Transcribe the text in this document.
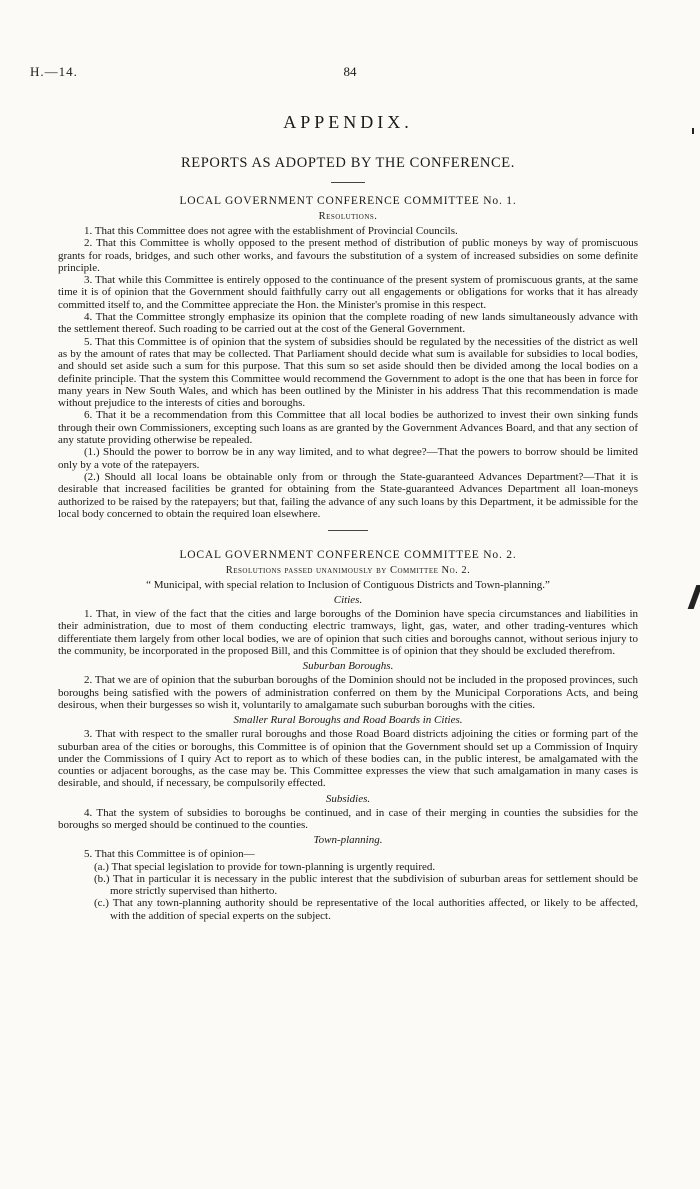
H.—14.	84
APPENDIX.
REPORTS AS ADOPTED BY THE CONFERENCE.
LOCAL GOVERNMENT CONFERENCE COMMITTEE No. 1.
Resolutions.

1. That this Committee does not agree with the establishment of Provincial Councils.

2. That this Committee is wholly opposed to the present method of distribution of public moneys by way of promiscuous grants for roads, bridges, and such other works, and favours the substitution of a system of increased subsidies on some definite principle.

3. That while this Committee is entirely opposed to the continuance of the present system of promiscuous grants, at the same time it is of opinion that the Government should faithfully carry out all engagements or obligations for works that it has already committed itself to, and the Committee appreciate the Hon. the Minister's promise in this respect.

4. That the Committee strongly emphasize its opinion that the complete roading of new lands simultaneously advance with the settlement thereof. Such roading to be carried out at the cost of the General Government.

5. That this Committee is of opinion that the system of subsidies should be regulated by the necessities of the district as well as by the amount of rates that may be collected. That Parliament should decide what sum is available for subsidies to local bodies, and should set aside such a sum for this purpose. That this sum so set aside should then be divided among the local bodies on a definite principle. That the system this Committee would recommend the Government to adopt is the one that has been in force for many years in New South Wales, and which has been outlined by the Minister in his address That this recommendation is made without prejudice to the interests of cities and boroughs.

6. That it be a recommendation from this Committee that all local bodies be authorized to invest their own sinking funds through their own Commissioners, excepting such loans as are granted by the Government Advances Board, and that any section of any statute providing otherwise be repealed.

(1.) Should the power to borrow be in any way limited, and to what degree?—That the powers to borrow should be limited only by a vote of the ratepayers.

(2.) Should all local loans be obtainable only from or through the State-guaranteed Advances Department?—That it is desirable that increased facilities be granted for obtaining from the State-guaranteed Advances Department all loan-moneys authorized to be raised by the ratepayers; but that, failing the advance of any such loans by this Department, it be admissible for the local body concerned to obtain the required loan elsewhere.

LOCAL GOVERNMENT CONFERENCE COMMITTEE No. 2.
Resolutions passed unanimously by Committee No. 2.
“ Municipal, with special relation to Inclusion of Contiguous Districts and Town-planning.”
Cities.

1. That, in view of the fact that the cities and large boroughs of the Dominion have specia circumstances and liabilities in their administration, due to most of them conducting electric tramways, light, gas, water, and other trading-ventures which differentiate them largely from other local bodies, we are of opinion that such cities and boroughs cannot, without serious injury to the community, be incorporated in the proposed Bill, and this Committee is of opinion that they should be excluded therefrom.

Suburban Boroughs.

2. That we are of opinion that the suburban boroughs of the Dominion should not be included in the proposed provinces, such boroughs being satisfied with the powers of administration conferred on them by the Municipal Corporations Acts, and being desirous, when their burgesses so wish it, voluntarily to amalgamate such suburban boroughs with the cities.

Smaller Rural Boroughs and Road Boards in Cities.

3. That with respect to the smaller rural boroughs and those Road Board districts adjoining the cities or forming part of the suburban area of the cities or boroughs, this Committee is of opinion that the Government should set up a Commission of Inquiry under the Commissions of I quiry Act to report as to which of these bodies can, in the public interest, be amalgamated with the counties or adjacent boroughs, as the case may be. This Committee expresses the view that such amalgamation in many cases is desirable, and should, if necessary, be compulsorily effected.

Subsidies.

4. That the system of subsidies to boroughs be continued, and in case of their merging in counties the subsidies for the boroughs so merged should be continued to the counties.

Town-planning.

5. That this Committee is of opinion—

(a.) That special legislation to provide for town-planning is urgently required.

(b.) That in particular it is necessary in the public interest that the subdivision of suburban areas for settlement should be more strictly supervised than hitherto.

(c.) That any town-planning authority should be representative of the local authorities affected, or likely to be affected, with the addition of special experts on the subject.
